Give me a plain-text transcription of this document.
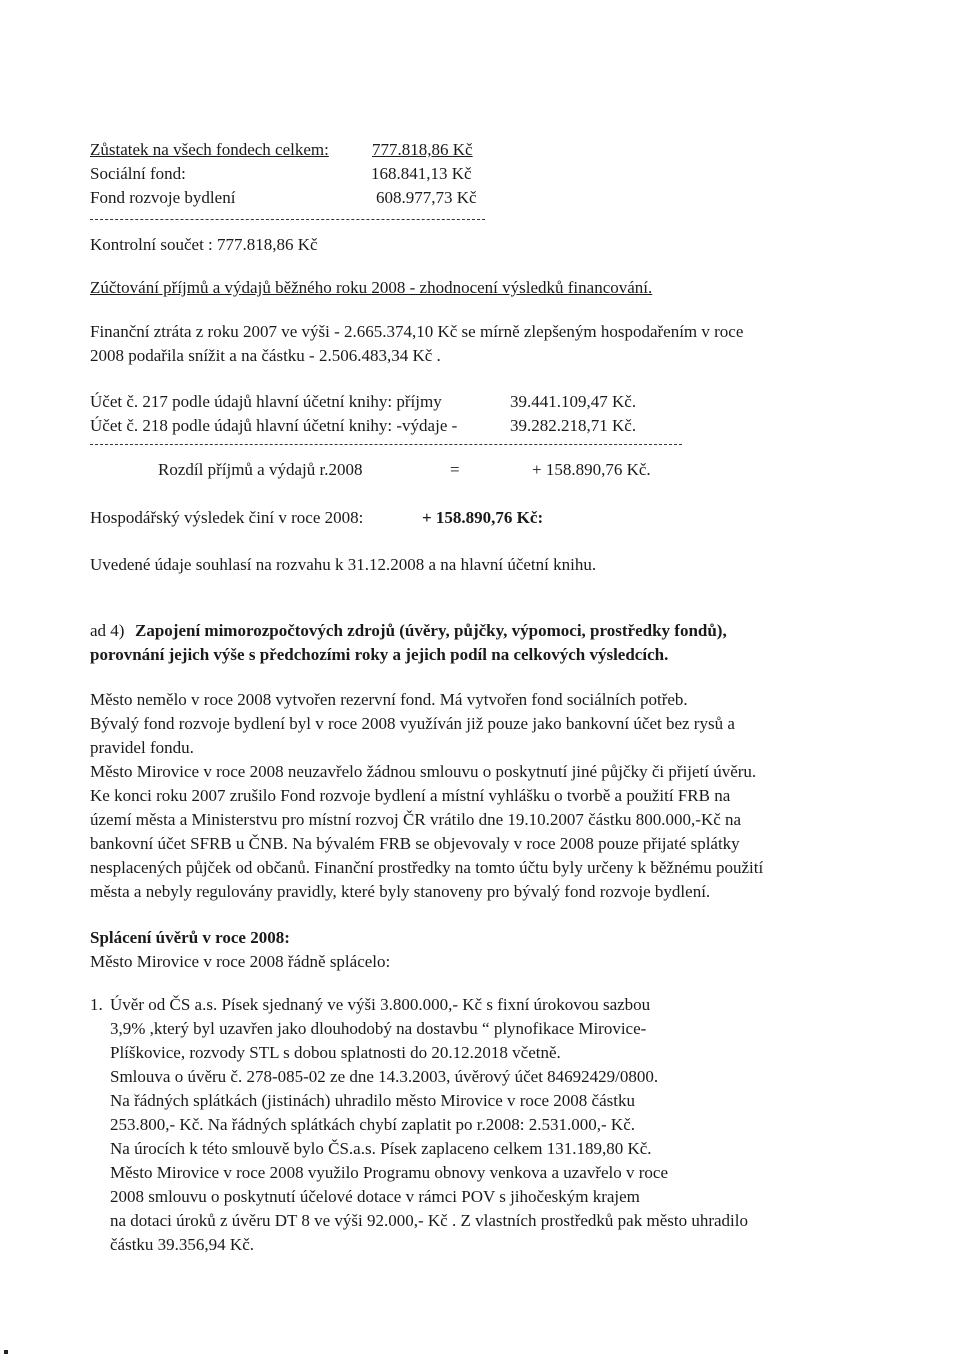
Zůstatek na všech fondech celkem:	777.818,86 Kč
Sociální fond:	168.841,13 Kč
Fond rozvoje bydlení	608.977,73 Kč
Kontrolní součet : 777.818,86 Kč
Zúčtování příjmů a výdajů běžného roku 2008 - zhodnocení výsledků financování.
Finanční ztráta z roku 2007 ve výši - 2.665.374,10 Kč se mírně zlepšeným hospodařením v roce
2008 podařila snížit a na částku - 2.506.483,34 Kč .
Účet č. 217 podle údajů hlavní účetní knihy: příjmy	39.441.109,47 Kč.
Účet č. 218 podle údajů hlavní účetní knihy: -výdaje -	39.282.218,71 Kč.
Rozdíl příjmů a výdajů r.2008	=	+ 158.890,76 Kč.
Hospodářský výsledek činí v roce 2008:	+ 158.890,76 Kč:
Uvedené údaje souhlasí na rozvahu k 31.12.2008 a na hlavní účetní knihu.
ad 4) Zapojení mimorozpočtových zdrojů (úvěry, půjčky, výpomoci, prostředky fondů),
porovnání jejich výše s předchozími roky a jejich podíl na celkových výsledcích.
Město nemělo v roce 2008 vytvořen rezervní fond. Má vytvořen fond sociálních potřeb.
Bývalý fond rozvoje bydlení byl v roce 2008 využíván již pouze jako bankovní účet bez rysů a
pravidel fondu.
Město Mirovice v roce 2008 neuzavřelo žádnou smlouvu o poskytnutí jiné půjčky či přijetí úvěru.
Ke konci roku 2007 zrušilo Fond rozvoje bydlení a místní vyhlášku o tvorbě a použití FRB na
území města a Ministerstvu pro místní rozvoj ČR vrátilo dne 19.10.2007 částku 800.000,-Kč na
bankovní účet SFRB u ČNB. Na bývalém FRB se objevovaly v roce 2008 pouze přijaté splátky
nesplacených půjček od občanů. Finanční prostředky na tomto účtu byly určeny k běžnému použití
města a nebyly regulovány pravidly, které byly stanoveny pro bývalý fond rozvoje bydlení.
Splácení úvěrů v roce 2008:
Město Mirovice v roce 2008 řádně splácelo:
1. Úvěr od ČS a.s. Písek sjednaný ve výši 3.800.000,- Kč s fixní úrokovou sazbou
3,9% ,který byl uzavřen jako dlouhodobý na dostavbu “ plynofikace Mirovice-
Plíškovice, rozvody STL s dobou splatnosti do 20.12.2018 včetně.
Smlouva o úvěru č. 278-085-02 ze dne 14.3.2003, úvěrový účet 84692429/0800.
Na řádných splátkách (jistinách) uhradilo město Mirovice v roce 2008 částku
253.800,- Kč. Na řádných splátkách chybí zaplatit po r.2008: 2.531.000,- Kč.
Na úrocích k této smlouvě bylo ČS.a.s. Písek zaplaceno celkem 131.189,80 Kč.
Město Mirovice v roce 2008 využilo Programu obnovy venkova a uzavřelo v roce
2008 smlouvu o poskytnutí účelové dotace v rámci POV s jihočeským krajem
na dotaci úroků z úvěru DT 8 ve výši 92.000,- Kč . Z vlastních prostředků pak město uhradilo
částku 39.356,94 Kč.
